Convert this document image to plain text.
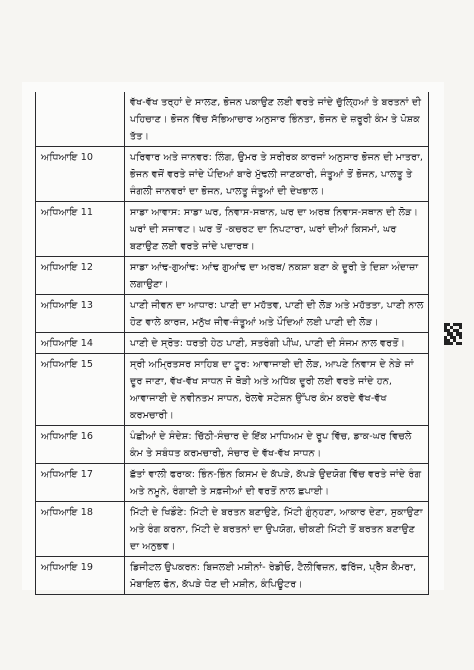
	ਵੱਖ-ਵੱਖ ਤਰ੍ਹਾਂ ਦੇ ਸਾਲਣ, ਭੋਜਨ ਪਕਾਉਣ ਲਈ ਵਰਤੇ ਜਾਂਦੇ ਚੁੱਲ੍ਹਿਆਂ ਤੇ ਬਰਤਨਾਂ ਦੀ ਪਹਿਚਾਣ। ਭੋਜਨ ਵਿੱਚ ਸੱਭਿਆਚਾਰ ਅਨੁਸਾਰ ਭਿੰਨਤਾ, ਭੋਜਨ ਦੇ ਜ਼ਰੂਰੀ ਕੰਮ ਤੇ ਪੋਸ਼ਕ ਤੱਤ।
ਅਧਿਆਇ 10	ਪਰਿਵਾਰ ਅਤੇ ਜਾਨਵਰ: ਲਿੰਗ, ਉਮਰ ਤੇ ਸਰੀਰਕ ਕਾਰਜਾਂ ਅਨੁਸਾਰ ਭੋਜਨ ਦੀ ਮਾਤਰਾ, ਭੋਜਨ ਵਜੋਂ ਵਰਤੇ ਜਾਂਦੇ ਪੌਦਿਆਂ ਬਾਰੇ ਮੁੱਢਲੀ ਜਾਣਕਾਰੀ, ਜੰਤੂਆਂ ਤੋਂ ਭੋਜਨ, ਪਾਲਤੂ ਤੇ ਜੰਗਲੀ ਜਾਨਵਰਾਂ ਦਾ ਭੋਜਨ, ਪਾਲਤੂ ਜੰਤੂਆਂ ਦੀ ਦੇਖਭਾਲ।
ਅਧਿਆਇ 11	ਸਾਡਾ ਆਵਾਸ: ਸਾਡਾ ਘਰ, ਨਿਵਾਸ-ਸਥਾਨ, ਘਰ ਦਾ ਅਰਥ ਨਿਵਾਸ-ਸਥਾਨ ਦੀ ਲੋੜ। ਘਰਾਂ ਦੀ ਸਜਾਵਟ। ਘਰ ਤੋਂ -ਕਚਰਟ ਦਾ ਨਿਪਟਾਰਾ, ਘਰਾਂ ਦੀਆਂ ਕਿਸਮਾਂ, ਘਰ ਬਣਾਉਣ ਲਈ ਵਰਤੇ ਜਾਂਦੇ ਪਦਾਰਥ।
ਅਧਿਆਇ 12	ਸਾਡਾ ਆਂਢ-ਗੁਆਂਢ: ਆਂਢ ਗੁਆਂਢ ਦਾ ਅਰਥ/ ਨਕਸ਼ਾ ਬਣਾ ਕੇ ਦੂਰੀ ਤੇ ਦਿਸ਼ਾ ਅੰਦਾਜ਼ਾ ਲਗਾਉਣਾ।
ਅਧਿਆਇ 13	ਪਾਣੀ ਜੀਵਨ ਦਾ ਆਧਾਰ: ਪਾਣੀ ਦਾ ਮਹੱਤਵ, ਪਾਣੀ ਦੀ ਲੋੜ ਅਤੇ ਮਹੱਤਤਾ, ਪਾਣੀ ਨਾਲ ਹੋਣ ਵਾਲੇ ਕਾਰਜ, ਮਨੁੱਖ ਜੀਵ-ਜੰਤੂਆਂ ਅਤੇ ਪੌਦਿਆਂ ਲਈ ਪਾਣੀ ਦੀ ਲੋੜ।
ਅਧਿਆਇ 14	ਪਾਣੀ ਦੇ ਸ੍ਰੋਤ: ਧਰਤੀ ਹੇਠ ਪਾਣੀ, ਸਤਰੰਗੀ ਪੀਂਘ, ਪਾਣੀ ਦੀ ਸੰਜਮ ਨਾਲ ਵਰਤੋਂ।
ਅਧਿਆਇ 15	ਸ੍ਰੀ ਅਮ੍ਰਿਤਸਰ ਸਾਹਿਬ ਦਾ ਟੂਰ: ਆਵਾਜਾਈ ਦੀ ਲੋੜ, ਆਪਣੇ ਨਿਵਾਸ ਦੇ ਨੇੜੇ ਜਾਂ ਦੂਰ ਜਾਣਾ, ਵੱਖ-ਵੱਖ ਸਾਧਨ ਜੋ ਥੋੜੀ ਅਤੇ ਅਧਿੱਕ ਦੂਰੀ ਲਈ ਵਰਤੇ ਜਾਂਦੇ ਹਨ, ਆਵਾਜਾਈ ਦੇ ਨਵੀਨਤਮ ਸਾਧਨ, ਰੇਲਵੇ ਸਟੇਸ਼ਨ ਉੱਪਰ ਕੰਮ ਕਰਦੇ ਵੱਖ-ਵੱਖ ਕਰਮਚਾਰੀ।
ਅਧਿਆਇ 16	ਪੰਛੀਆਂ ਦੇ ਸੰਦੇਸ਼: ਚਿੱਠੀ-ਸੰਚਾਰ ਦੇ ਇੱਕ ਮਾਧਿਅਮ ਦੇ ਰੂਪ ਵਿੱਚ, ਡਾਕ-ਘਰ ਵਿਚਲੇ ਕੰਮ ਤੇ ਸਬੰਧਤ ਕਰਮਚਾਰੀ, ਸੰਚਾਰ ਦੇ ਵੱਖ-ਵੱਖ ਸਾਧਨ।
ਅਧਿਆਇ 17	ਛੱਤਾਂ ਵਾਲੀ ਫਰਾਕ: ਭਿੰਨ-ਭਿੰਨ ਕਿਸਮ ਦੇ ਕੱਪੜੇ, ਕੱਪੜੇ ਉਦਯੋਗ ਵਿੱਚ ਵਰਤੇ ਜਾਂਦੇ ਰੰਗ ਅਤੇ ਨਮੂਨੇ, ਰੰਗਾਈ ਤੇ ਸਫ਼ਜੀਆਂ ਦੀ ਵਰਤੋਂ ਨਾਲ ਛਪਾਈ।
ਅਧਿਆਇ 18	ਮਿੱਟੀ ਦੇ ਖਿਡੌਣੇ: ਮਿੱਟੀ ਦੇ ਬਰਤਨ ਬਣਾਉਣੇ, ਮਿੱਟੀ ਗੁੰਨ੍ਹਣਾ, ਆਕਾਰ ਦੇਣਾ, ਸੁਕਾਉਣਾ ਅਤੇ ਰੰਗ ਕਰਨਾ, ਮਿੱਟੀ ਦੇ ਬਰਤਨਾਂ ਦਾ ਉਪਯੋਗ, ਚੀਕਣੀ ਮਿੱਟੀ ਤੋਂ ਬਰਤਨ ਬਣਾਉਣ ਦਾ ਅਨੁਭਵ।
ਅਧਿਆਇ 19	ਡਿਜੀਟਲ ਉਪਕਰਨ: ਬਿਜਲਈ ਮਸ਼ੀਨਾਂ- ਰੇਡੀਓ, ਟੈਲੀਵਿਜ਼ਨ, ਫਰਿੱਜ, ਪ੍ਰੈੱਸ ਕੈਮਰਾ, ਮੋਬਾਇਲ ਫੋਨ, ਕੱਪੜੇ ਧੋਣ ਦੀ ਮਸ਼ੀਨ, ਕੰਪਿਊਟਰ।
